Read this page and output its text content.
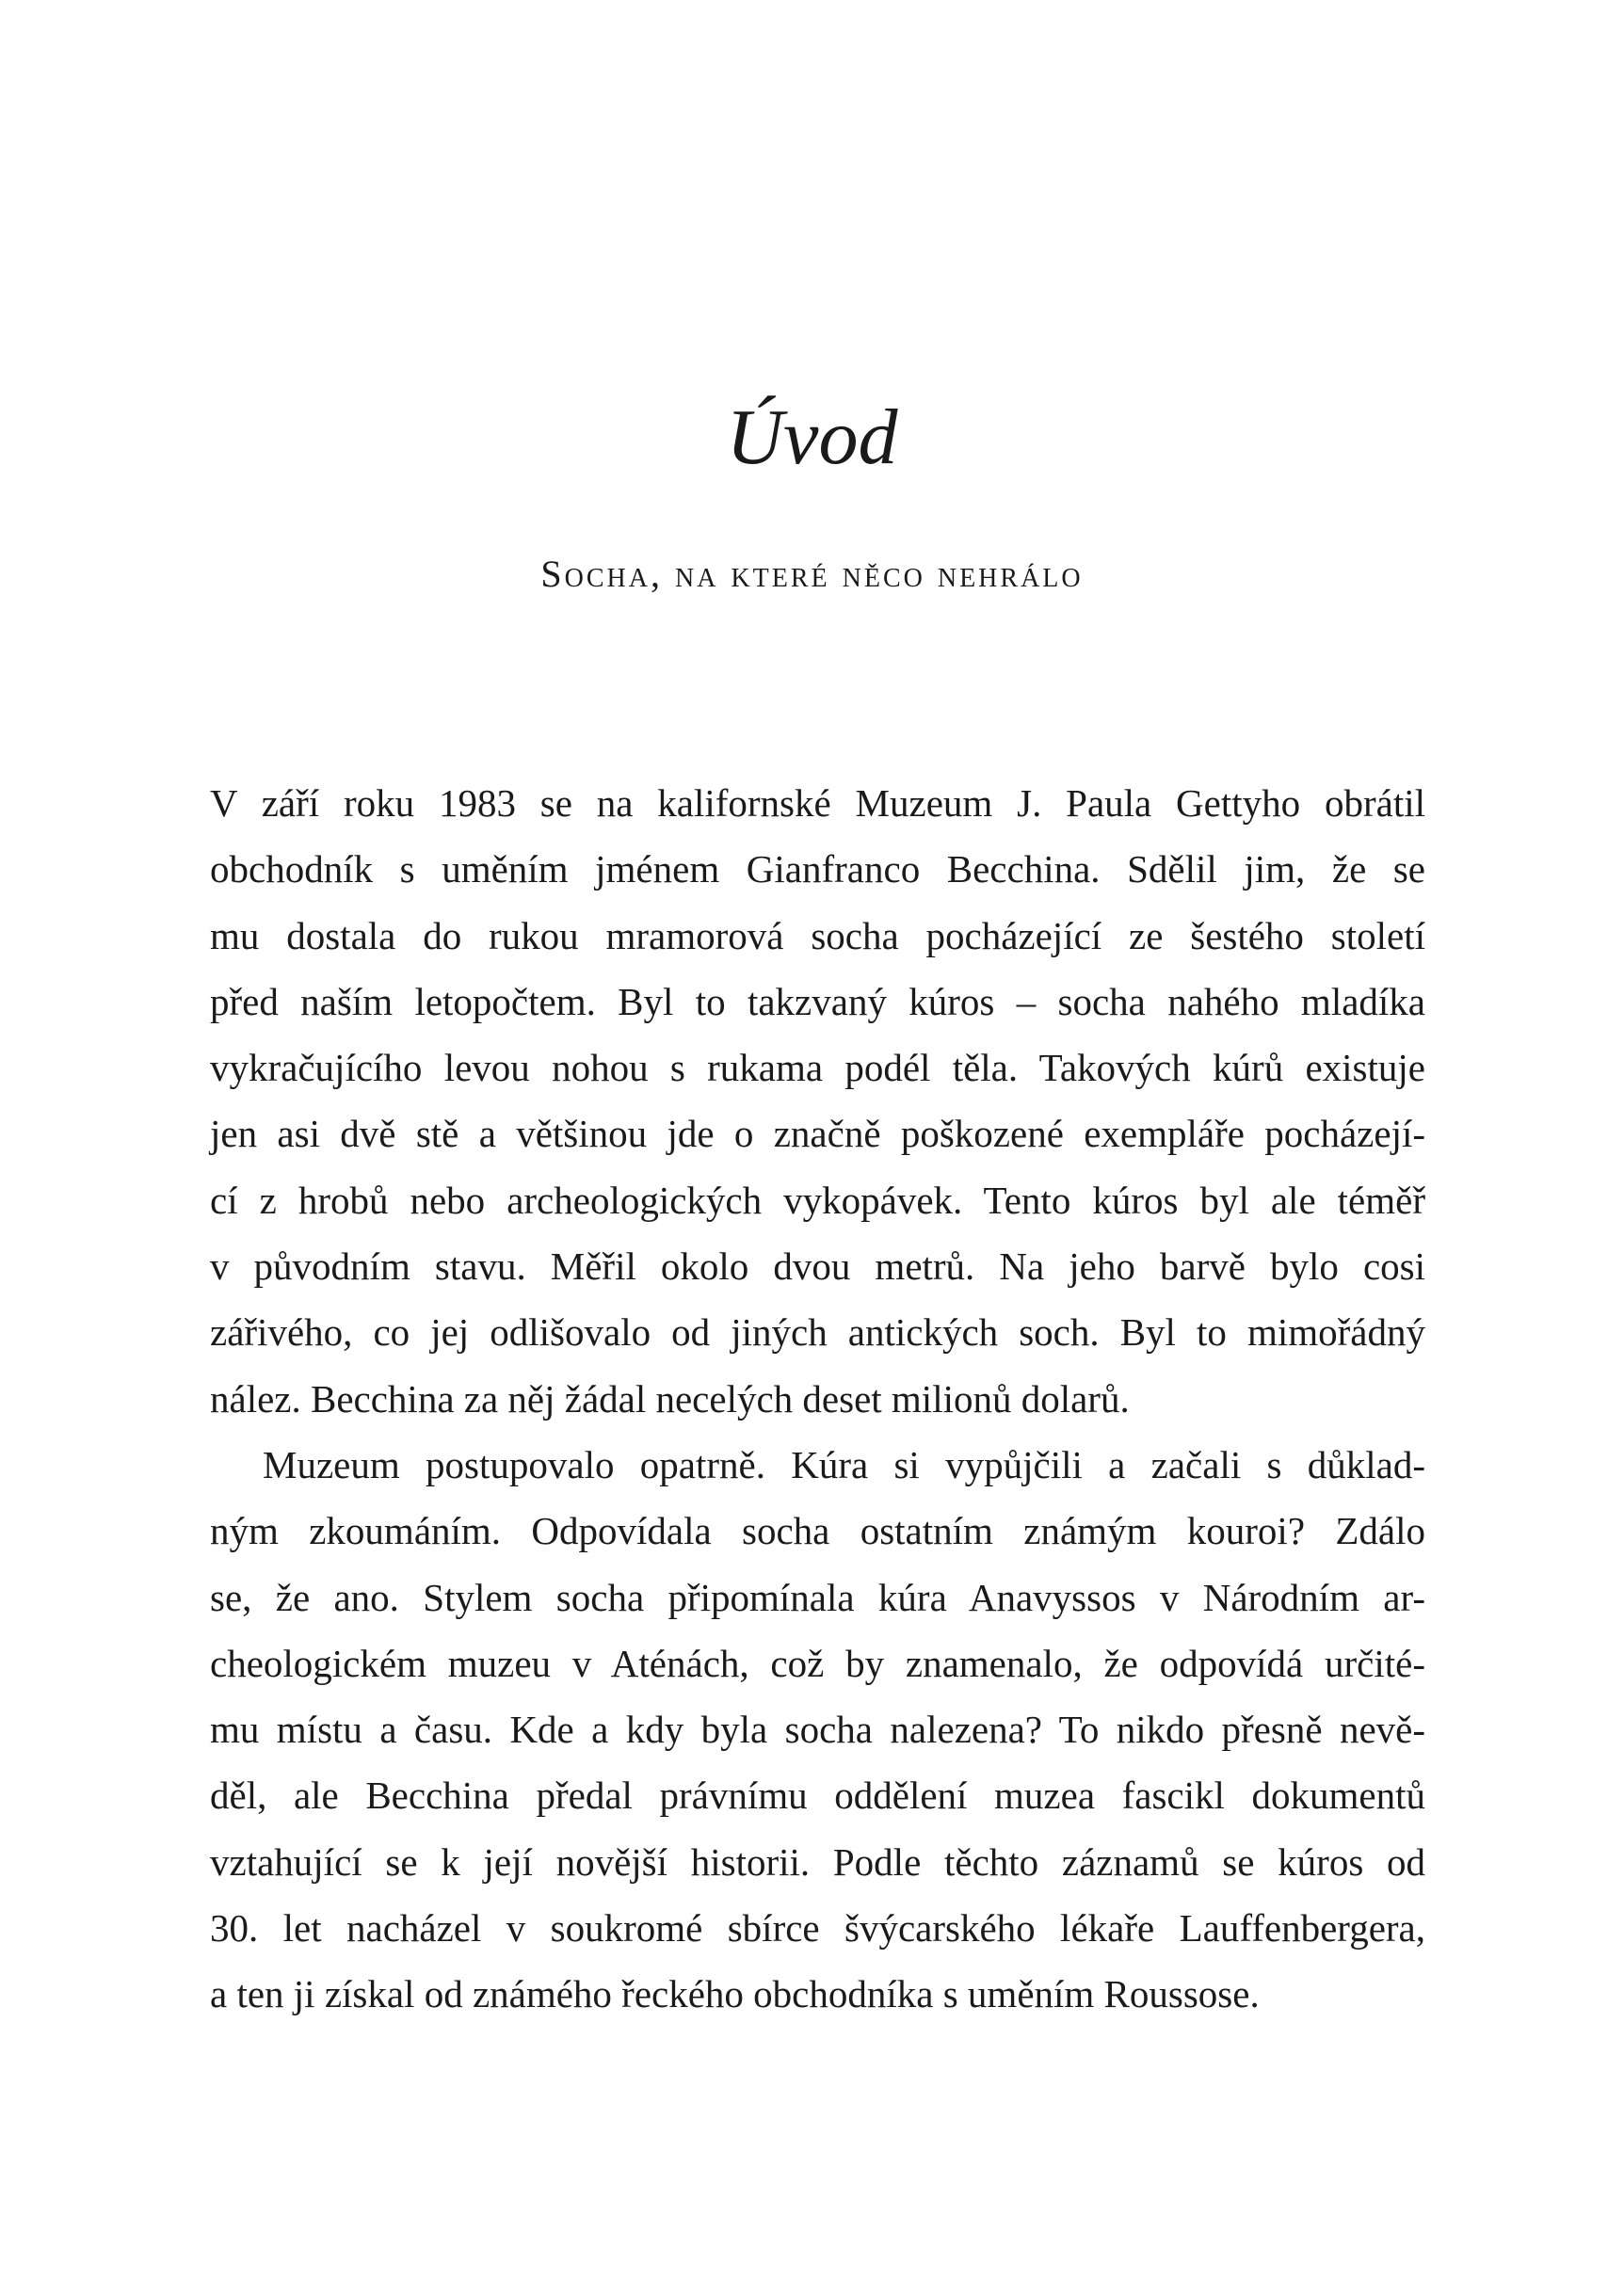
Úvod
Socha, na které něco nehrálo
V září roku 1983 se na kalifornské Muzeum J. Paula Gettyho obrátil
obchodník s uměním jménem Gianfranco Becchina. Sdělil jim, že se
mu dostala do rukou mramorová socha pocházející ze šestého století
před naším letopočtem. Byl to takzvaný kúros – socha nahého mladíka
vykračujícího levou nohou s rukama podél těla. Takových kúrů existuje
jen asi dvě stě a většinou jde o značně poškozené exempláře pocházejí-
cí z hrobů nebo archeologických vykopávek. Tento kúros byl ale téměř
v původním stavu. Měřil okolo dvou metrů. Na jeho barvě bylo cosi
zářivého, co jej odlišovalo od jiných antických soch. Byl to mimořádný
nález. Becchina za něj žádal necelých deset milionů dolarů.
Muzeum postupovalo opatrně. Kúra si vypůjčili a začali s důklad-
ným zkoumáním. Odpovídala socha ostatním známým kouroi? Zdálo
se, že ano. Stylem socha připomínala kúra Anavyssos v Národním ar-
cheologickém muzeu v Aténách, což by znamenalo, že odpovídá určité-
mu místu a času. Kde a kdy byla socha nalezena? To nikdo přesně nevě-
děl, ale Becchina předal právnímu oddělení muzea fascikl dokumentů
vztahující se k její novější historii. Podle těchto záznamů se kúros od
30. let nacházel v soukromé sbírce švýcarského lékaře Lauffenbergera,
a ten ji získal od známého řeckého obchodníka s uměním Roussose.
